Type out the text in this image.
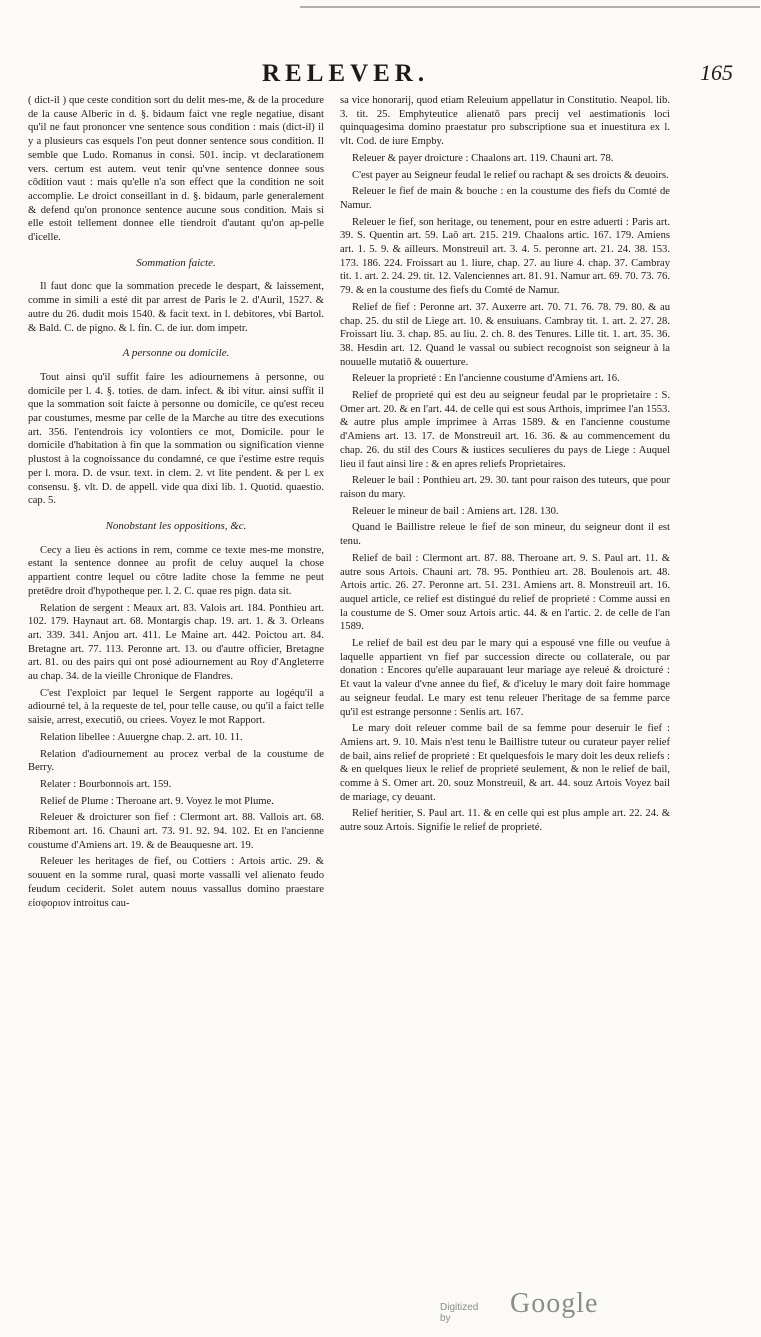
RELEVER.	165

( dict-il ) que ceste condition sort du delit mes-me, & de la procedure de la cause Alberic in d. §. bidaum faict vne regle negatiue, disant qu'il ne faut prononcer vne sentence sous condition : mais (dict-il) il y a plusieurs cas esquels l'on peut donner sentence sous condition. Il semble que Ludo. Romanus in consi. 501. incip. vt declarationem vers. certum est autem. veut tenir qu'vne sentence donnee sous cōdition vaut : mais qu'elle n'a son effect que la condition ne soit accomplie. Le droict conseillant in d. §. bidaum, parle generalement & defend qu'on prononce sentence aucune sous condition. Mais si elle estoit tellement donnee elle tiendroit d'autant qu'on ap-pelle d'icelle.

Sommation faicte.

Il faut donc que la sommation precede le despart, & laissement, comme in simili a esté dit par arrest de Paris le 2. d'Auril, 1527. & autre du 26. dudit mois 1540. & facit text. in l. debitores, vbi Bartol. & Bald. C. de pigno. & l. fin. C. de iur. dom impetr.

A personne ou domicile.

Tout ainsi qu'il suffit faire les adiournemens à personne, ou domicile per l. 4. §. toties. de dam. infect. & ibi vitur. ainsi suffit il que la sommation soit faicte à personne ou domicile, ce qu'est receu par coustumes, mesme par celle de la Marche au titre des executions art. 356. l'entendrois icy volontiers ce mot, Domicile. pour le domicile d'habitation à fin que la sommation ou signification vienne plustost à la cognoissance du condamné, ce que i'estime estre requis per l. mora. D. de vsur. text. in clem. 2. vt lite pendent. & per l. ex consensu. §. vlt. D. de appell. vide qua dixi lib. 1. Quotid. quaestio. cap. 5.

Nonobstant les oppositions, &c.

Cecy a lieu ès actions in rem, comme ce texte mes-me monstre, estant la sentence donnee au profit de celuy auquel la chose appartient contre lequel ou cōtre ladite chose la femme ne peut pretēdre droit d'hypotheque per. l. 2. C. quae res pign. data sit.

Relation de sergent : Meaux art. 83. Valois art. 184. Ponthieu art. 102. 179. Haynaut art. 68. Montargis chap. 19. art. 1. & 3. Orleans art. 339. 341. Anjou art. 411. Le Maine art. 442. Poictou art. 84. Bretagne art. 77. 113. Peronne art. 13. ou d'autre officier, Bretagne art. 81. ou des pairs qui ont posé adiournement au Roy d'Angleterre au chap. 34. de la vieille Chronique de Flandres.

C'est l'exploict par lequel le Sergent rapporte au logéqu'il a adiourné tel, à la requeste de tel, pour telle cause, ou qu'il a faict telle saisie, arrest, executiō, ou criees. Voyez le mot Rapport.

Relation libellee : Auuergne chap. 2. art. 10. 11.

Relation d'adiournement au procez verbal de la coustume de Berry.

Relater : Bourbonnois art. 159.

Relief de Plume : Theroane art. 9. Voyez le mot Plume.

Releuer & droicturer son fief : Clermont art. 88. Vallois art. 68. Ribemont art. 16. Chauni art. 73. 91. 92. 94. 102. Et en l'ancienne coustume d'Amiens art. 19. & de Beauquesne art. 19.

Releuer les heritages de fief, ou Cottiers : Artois artic. 29. & souuent en la somme rural, quasi morte vassalli vel alienato feudo feudum ceciderit. Solet autem nouus vassallus domino praestare εἰσφοριον introitus cau-

sa vice honorarij, quod etiam Releuium appellatur in Constitutio. Neapol. lib. 3. tit. 25. Emphyteutice alienatō pars precij vel aestimationis loci quinquagesima domino praestatur pro subscriptione sua et inuestitura ex l. vlt. Cod. de iure Empby.

Releuer & payer droicture : Chaalons art. 119. Chauni art. 78.

C'est payer au Seigneur feudal le relief ou rachapt & ses droicts & deuoirs.

Releuer le fief de main & bouche : en la coustume des fiefs du Comté de Namur.

Releuer le fief, son heritage, ou tenement, pour en estre aduerti : Paris art. 39. S. Quentin art. 59. Laō art. 215. 219. Chaalons artic. 167. 179. Amiens art. 1. 5. 9. & ailleurs. Monstreuil art. 3. 4. 5. peronne art. 21. 24. 38. 153. 173. 186. 224. Froissart au 1. liure, chap. 27. au liure 4. chap. 37. Cambray tit. 1. art. 2. 24. 29. tit. 12. Valenciennes art. 81. 91. Namur art. 69. 70. 73. 76. 79. & en la coustume des fiefs du Comté de Namur.

Relief de fief : Peronne art. 37. Auxerre art. 70. 71. 76. 78. 79. 80. & au chap. 25. du stil de Liege art. 10. & ensuiuans. Cambray tit. 1. art. 2. 27. 28. Froissart liu. 3. chap. 85. au liu. 2. ch. 8. des Tenures. Lille tit. 1. art. 35. 36. 38. Hesdin art. 12. Quand le vassal ou subiect recognoist son seigneur à la nouuelle mutatiō & ouuerture.

Releuer la proprieté : En l'ancienne coustume d'Amiens art. 16.

Relief de proprieté qui est deu au seigneur feudal par le proprietaire : S. Omer art. 20. & en l'art. 44. de celle qui est sous Arthois, imprimee l'an 1553. & autre plus ample imprimee à Arras 1589. & en l'ancienne coustume d'Amiens art. 13. 17. de Monstreuil art. 16. 36. & au commencement du chap. 26. du stil des Cours & iustices seculieres du pays de Liege : Auquel lieu il faut ainsi lire : & en apres reliefs Proprietaires.

Releuer le bail : Ponthieu art. 29. 30. tant pour raison des tuteurs, que pour raison du mary.

Releuer le mineur de bail : Amiens art. 128. 130.

Quand le Baillistre releue le fief de son mineur, du seigneur dont il est tenu.

Relief de bail : Clermont art. 87. 88. Theroane art. 9. S. Paul art. 11. & autre sous Artois. Chauni art. 78. 95. Ponthieu art. 28. Boulenois art. 48. Artois artic. 26. 27. Peronne art. 51. 231. Amiens art. 8. Monstreuil art. 16. auquel article, ce relief est distingué du relief de proprieté : Comme aussi en la coustume de S. Omer souz Artois artic. 44. & en l'artic. 2. de celle de l'an 1589.

Le relief de bail est deu par le mary qui a espousé vne fille ou veufue à laquelle appartient vn fief par succession directe ou collaterale, ou par donation : Encores qu'elle auparauant leur mariage aye releué & droicturé : Et vaut la valeur d'vne annee du fief, & d'iceluy le mary doit faire hommage au seigneur feudal. Le mary est tenu releuer l'heritage de sa femme parce qu'il est estrange personne : Senlis art. 167.

Le mary doit releuer comme bail de sa femme pour deseruir le fief : Amiens art. 9. 10. Mais n'est tenu le Baillistre tuteur ou curateur payer relief de bail, ains relief de proprieté : Et quelquesfois le mary doit les deux reliefs : & en quelques lieux le relief de proprieté seulement, & non le relief de bail, comme à S. Omer art. 20. souz Monstreuil, & art. 44. souz Artois Voyez bail de mariage, cy deuant.

Relief heritier, S. Paul art. 11. & en celle qui est plus ample art. 22. 24. & autre souz Artois. Signifie le relief de proprieté.

Digitized by	Google
